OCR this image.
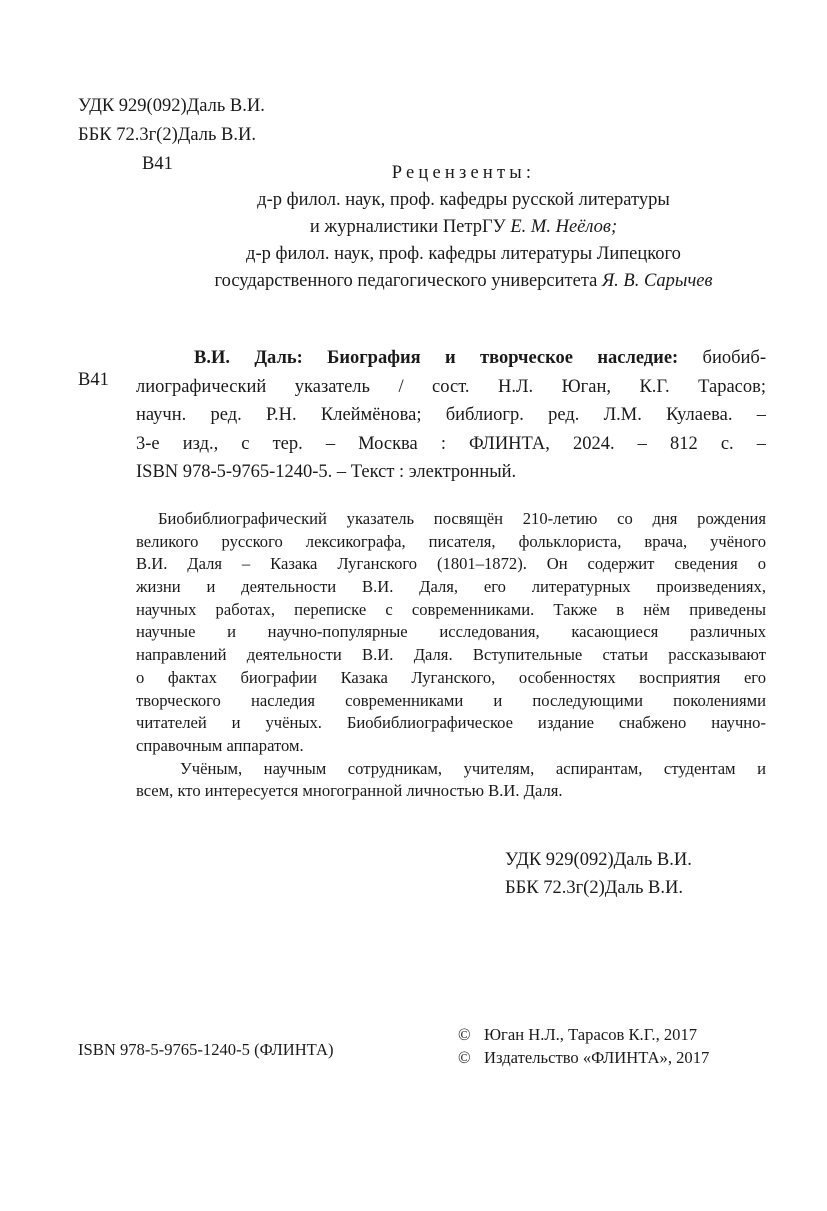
УДК 929(092)Даль В.И.
ББК 72.3г(2)Даль В.И.
В41	Рецензенты:
д-р филол. наук, проф. кафедры русской литературы
и журналистики ПетрГУ Е. М. Неёлов;
д-р филол. наук, проф. кафедры литературы Липецкого
государственного педагогического университета Я. В. Сарычев
В41
В.И. Даль: Биография и творческое наследие: биобиб-
лиографический указатель / сост. Н.Л. Юган, К.Г. Тарасов;
научн. ред. Р.Н. Клеймёнова; библиогр. ред. Л.М. Кулаева. –
3-е изд., с тер. – Москва : ФЛИНТА, 2024. – 812 с. –
ISBN 978-5-9765-1240-5. – Текст : электронный.
Биобиблиографический указатель посвящён 210-летию со дня рождения
великого русского лексикографа, писателя, фольклориста, врача, учёного
В.И. Даля – Казака Луганского (1801–1872). Он содержит сведения о
жизни и деятельности В.И. Даля, его литературных произведениях,
научных работах, переписке с современниками. Также в нём приведены
научные и научно-популярные исследования, касающиеся различных
направлений деятельности В.И. Даля. Вступительные статьи рассказывают
о фактах биографии Казака Луганского, особенностях восприятия его
творческого наследия современниками и последующими поколениями
читателей и учёных. Биобиблиографическое издание снабжено научно-
справочным аппаратом.
Учёным, научным сотрудникам, учителям, аспирантам, студентам и
всем, кто интересуется многогранной личностью В.И. Даля.
УДК 929(092)Даль В.И.
ББК 72.3г(2)Даль В.И.
ISBN 978-5-9765-1240-5 (ФЛИНТА)
© Юган Н.Л., Тарасов К.Г., 2017
© Издательство «ФЛИНТА», 2017
